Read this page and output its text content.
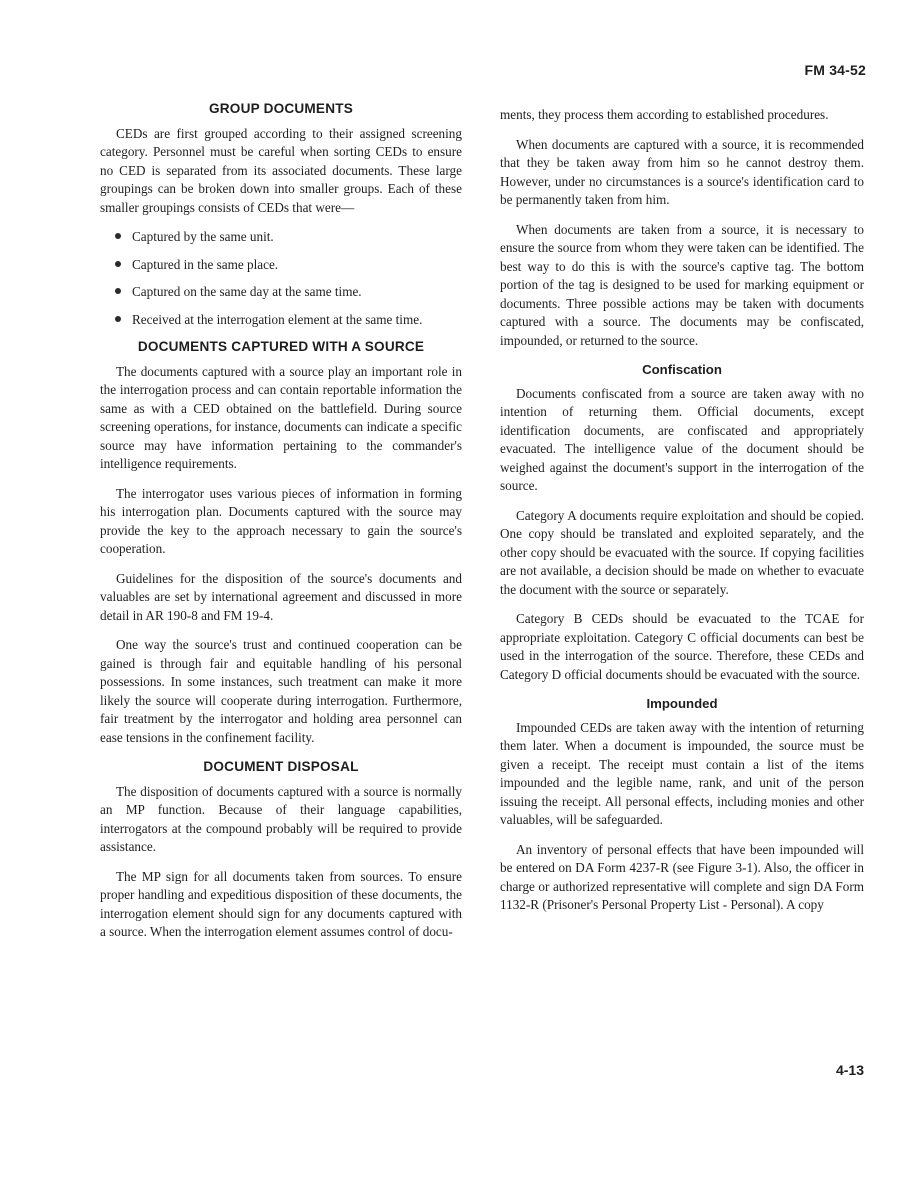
FM 34-52
GROUP DOCUMENTS

CEDs are first grouped according to their assigned screening category. Personnel must be careful when sorting CEDs to ensure no CED is separated from its associated documents. These large groupings can be broken down into smaller groups. Each of these smaller groupings consists of CEDs that were—

Captured by the same unit.
Captured in the same place.
Captured on the same day at the same time.
Received at the interrogation element at the same time.
DOCUMENTS CAPTURED WITH A SOURCE

The documents captured with a source play an important role in the interrogation process and can contain reportable information the same as with a CED obtained on the battlefield. During source screening operations, for instance, documents can indicate a specific source may have information pertaining to the commander's intelligence requirements.

The interrogator uses various pieces of information in forming his interrogation plan. Documents captured with the source may provide the key to the approach necessary to gain the source's cooperation.

Guidelines for the disposition of the source's documents and valuables are set by international agreement and discussed in more detail in AR 190-8 and FM 19-4.

One way the source's trust and continued cooperation can be gained is through fair and equitable handling of his personal possessions. In some instances, such treatment can make it more likely the source will cooperate during interrogation. Furthermore, fair treatment by the interrogator and holding area personnel can ease tensions in the confinement facility.

DOCUMENT DISPOSAL

The disposition of documents captured with a source is normally an MP function. Because of their language capabilities, interrogators at the compound probably will be required to provide assistance.

The MP sign for all documents taken from sources. To ensure proper handling and expeditious disposition of these documents, the interrogation element should sign for any documents captured with a source. When the interrogation element assumes control of docu-

ments, they process them according to established procedures.

When documents are captured with a source, it is recommended that they be taken away from him so he cannot destroy them. However, under no circumstances is a source's identification card to be permanently taken from him.

When documents are taken from a source, it is necessary to ensure the source from whom they were taken can be identified. The best way to do this is with the source's captive tag. The bottom portion of the tag is designed to be used for marking equipment or documents. Three possible actions may be taken with documents captured with a source. The documents may be confiscated, impounded, or returned to the source.

Confiscation

Documents confiscated from a source are taken away with no intention of returning them. Official documents, except identification documents, are confiscated and appropriately evacuated. The intelligence value of the document should be weighed against the document's support in the interrogation of the source.

Category A documents require exploitation and should be copied. One copy should be translated and exploited separately, and the other copy should be evacuated with the source. If copying facilities are not available, a decision should be made on whether to evacuate the document with the source or separately.

Category B CEDs should be evacuated to the TCAE for appropriate exploitation. Category C official documents can best be used in the interrogation of the source. Therefore, these CEDs and Category D official documents should be evacuated with the source.

Impounded

Impounded CEDs are taken away with the intention of returning them later. When a document is impounded, the source must be given a receipt. The receipt must contain a list of the items impounded and the legible name, rank, and unit of the person issuing the receipt. All personal effects, including monies and other valuables, will be safeguarded.

An inventory of personal effects that have been impounded will be entered on DA Form 4237-R (see Figure 3-1). Also, the officer in charge or authorized representative will complete and sign DA Form 1132-R (Prisoner's Personal Property List - Personal). A copy

4-13
